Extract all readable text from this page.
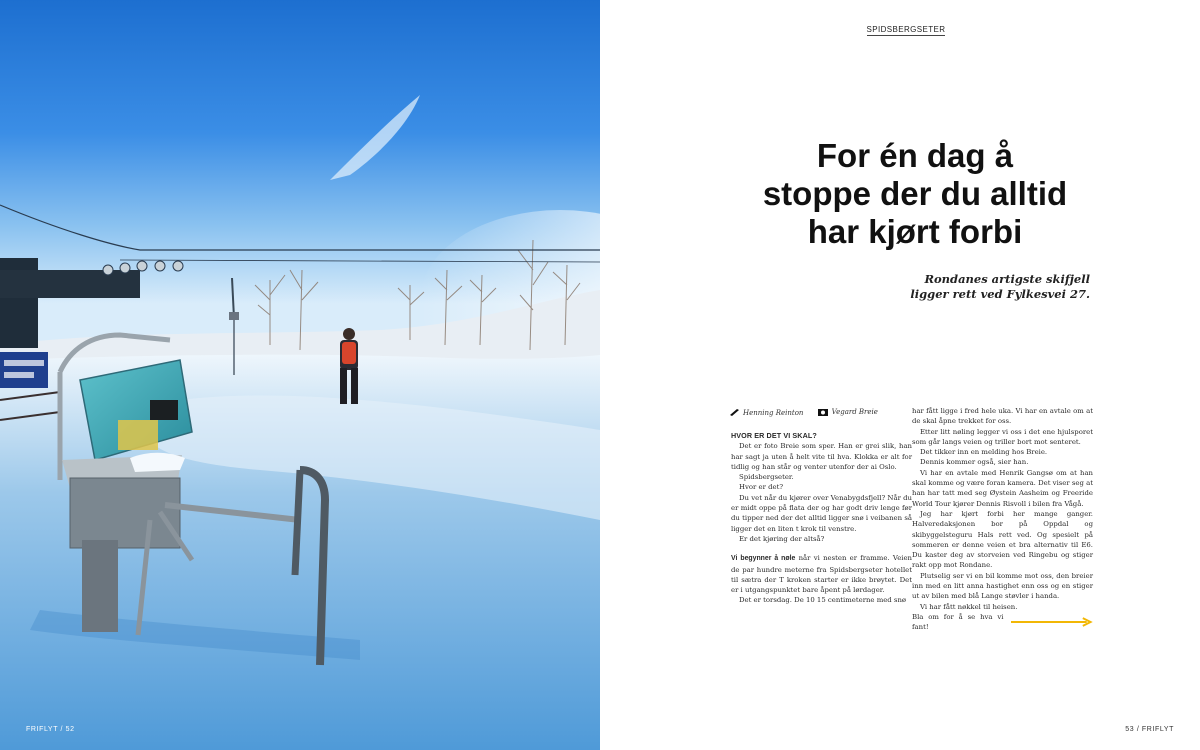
FRIFLYT / 52
SPIDSBERGSETER
For én dag å
stoppe der du alltid
har kjørt forbi
Rondanes artigste skifjell
ligger rett ved Fylkesvei 27.
Henning Reinton
	Vegard Breie

HVOR ER DET VI SKAL?

Det er foto Breie som sper. Han er grei slik, han har sagt ja uten å helt vite til hva. Klokka er alt for tidlig og han står og venter utenfor der ai Oslo.

Spidsbergseter.

Hvor er det?

Du vet når du kjører over Venabygdsfjell? Når du er midt oppe på flata der og har godt driv lenge før du tipper ned der det alltid ligger snø i veibanen så ligger det en liten t krok til venstre.

Er det kjøring der altså?

Vi begynner å nøle når vi nesten er framme. Veien de par hundre meterne fra Spidsbergseter hotellet til sætra der T kroken starter er ikke brøytet. Det er i utgangspunktet bare åpent på lørdager.

Det er torsdag. De 10 15 centimeterne med snø

har fått ligge i fred hele uka. Vi har en avtale om at de skal åpne trekket for oss.

Etter litt nøling legger vi oss i det ene hjulsporet som går langs veien og triller bort mot senteret.

Det tikker inn en melding hos Breie.

Dennis kommer også, sier han.

Vi har en avtale med Henrik Gangsø om at han skal komme og være foran kamera. Det viser seg at han har tatt med seg Øystein Aasheim og Freeride World Tour kjører Dennis Risvoll i bilen fra Vågå.

Jeg har kjørt forbi her mange ganger. Halveredaksjonen bor på Oppdal og skibyggelsteguru Hals rett ved. Og spesielt på sommeren er denne veien et bra alternativ til E6. Du kaster deg av storveien ved Ringebu og stiger rakt opp mot Rondane.

Plutselig ser vi en bil komme mot oss, den breier inn med en litt anna hastighet enn oss og en stiger ut av bilen med blå Lange støvler i handa.

Vi har fått nøkkel til heisen.

Bla om for å se hva vi fant!
53 / FRIFLYT
